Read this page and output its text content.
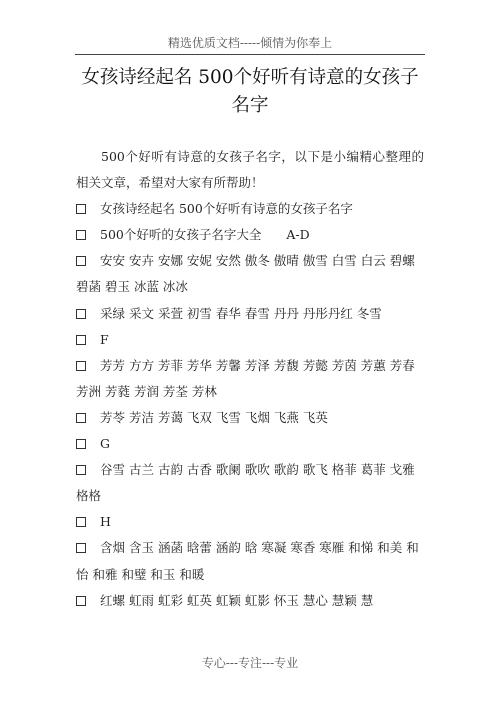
精选优质文档-----倾情为你奉上
女孩诗经起名 500个好听有诗意的女孩子
名字
500个好听有诗意的女孩子名字，以下是小编精心整理的相关文章，希望对大家有所帮助！
女孩诗经起名 500个好听有诗意的女孩子名字
500个好听的女孩子名字大全　　A-D
安安 安卉 安娜 安妮 安然 傲冬 傲晴 傲雪 白雪 白云 碧螺 碧菡 碧玉 冰蓝 冰冰
采绿 采文 采萱 初雪 春华 春雪 丹丹 丹彤丹红 冬雪
F
芳芳 方方 芳菲 芳华 芳馨 芳泽 芳馥 芳懿 芳茵 芳蕙 芳春 芳洲 芳蕤 芳润 芳荃 芳林
芳苓 芳洁 芳蔼 飞双 飞雪 飞烟 飞燕 飞英
G
谷雪 古兰 古韵 古香 歌阑 歌吹 歌韵 歌飞 格菲 葛菲 戈雅 格格
H
含烟 含玉 涵菡 晗蕾 涵韵 晗 寒凝 寒香 寒雁 和悌 和美 和怡 和雅 和璧 和玉 和暖
红螺 虹雨 虹彩 虹英 虹颖 虹影 怀玉 慧心 慧颖 慧
专心---专注---专业
